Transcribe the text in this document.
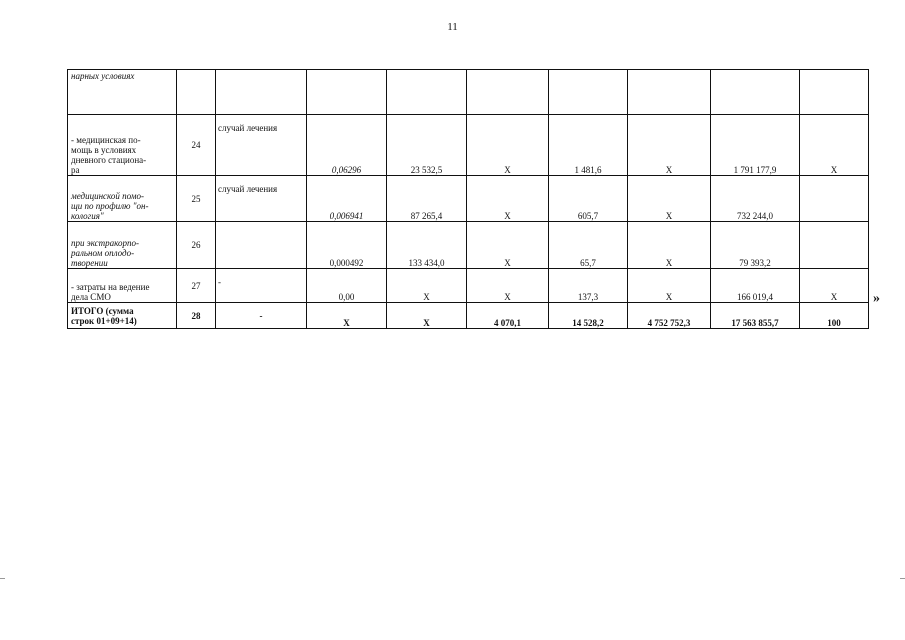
11
нарных условиях									
- медицинская по-
мощь в условиях
дневного стациона-
ра	24	случай лечения	0,06296	23 532,5	Х	1 481,6	Х	1 791 177,9	Х
медицинской помо-
щи по профилю "он-
кология"	25	случай лечения	0,006941	87 265,4	Х	605,7	Х	732 244,0	
при экстракорпо-
ральном оплодо-
творении	26		0,000492	133 434,0	Х	65,7	Х	79 393,2	
- затраты на ведение
дела СМО	27	-	0,00	Х	Х	137,3	Х	166 019,4	Х
ИТОГО (сумма
строк 01+09+14)	28	-	Х	Х	4 070,1	14 528,2	4 752 752,3	17 563 855,7	100
»
